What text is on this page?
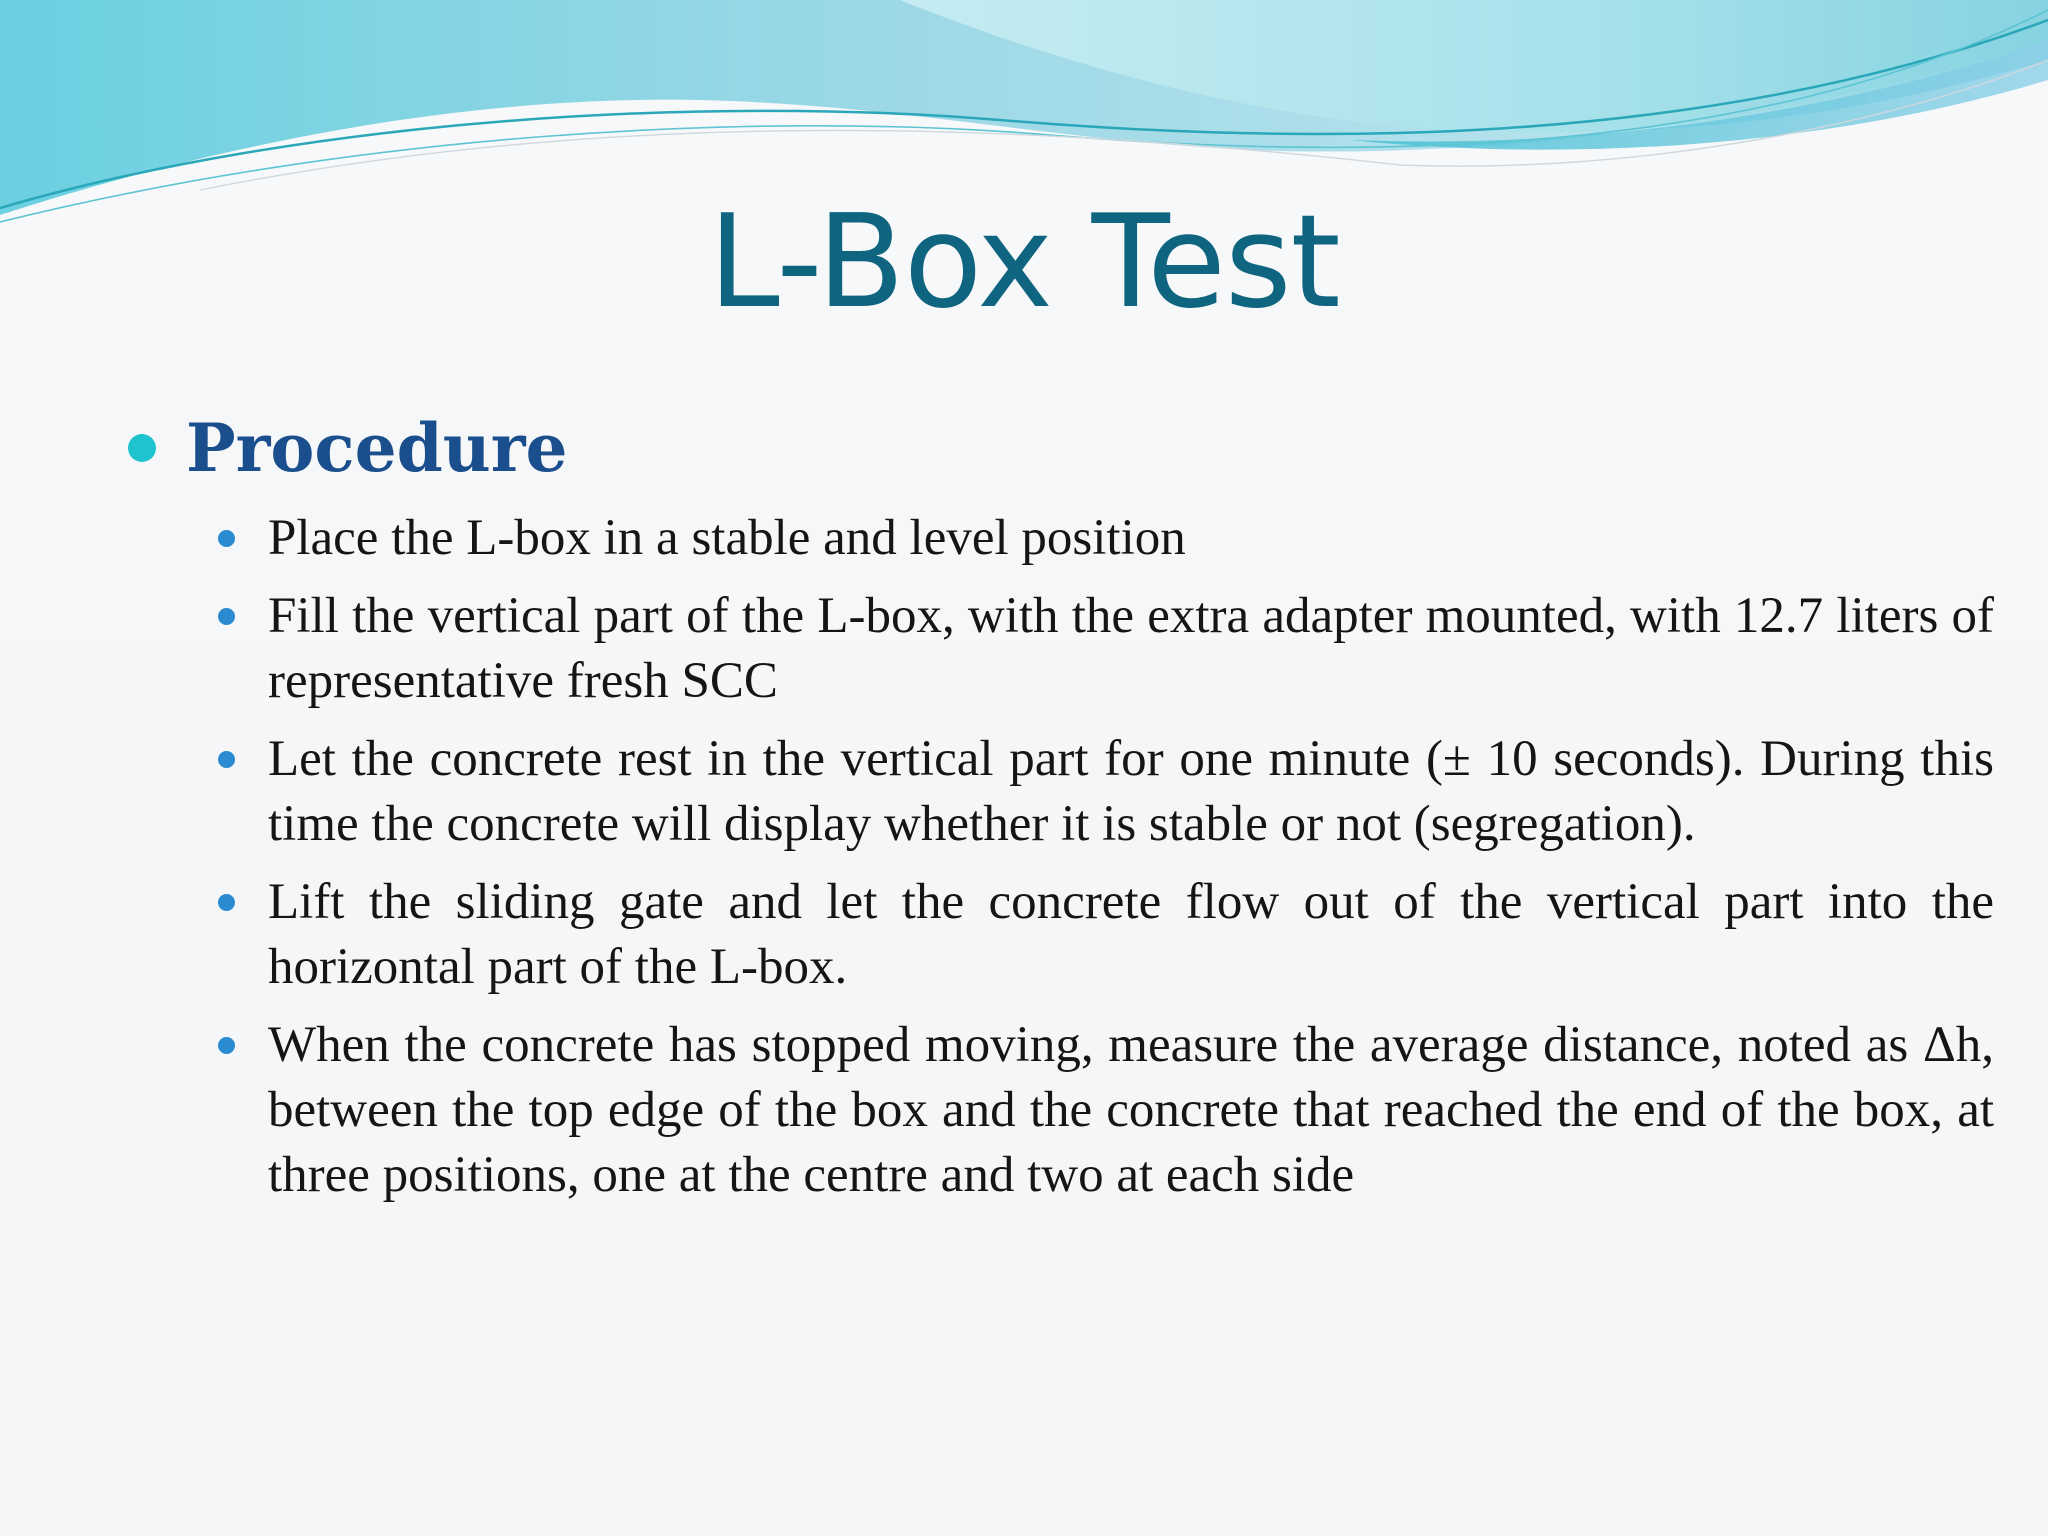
L-Box Test
Procedure
Place the L-box in a stable and level position
Fill the vertical part of the L-box, with the extra adapter mounted, with 12.7 liters of representative fresh SCC
Let the concrete rest in the vertical part for one minute (± 10 seconds). During this time the concrete will display whether it is stable or not (segregation).
Lift the sliding gate and let the concrete flow out of the vertical part into the horizontal part of the L-box.
When the concrete has stopped moving, measure the average distance, noted as Δh, between the top edge of the box and the concrete that reached the end of the box, at three positions, one at the centre and two at each side
